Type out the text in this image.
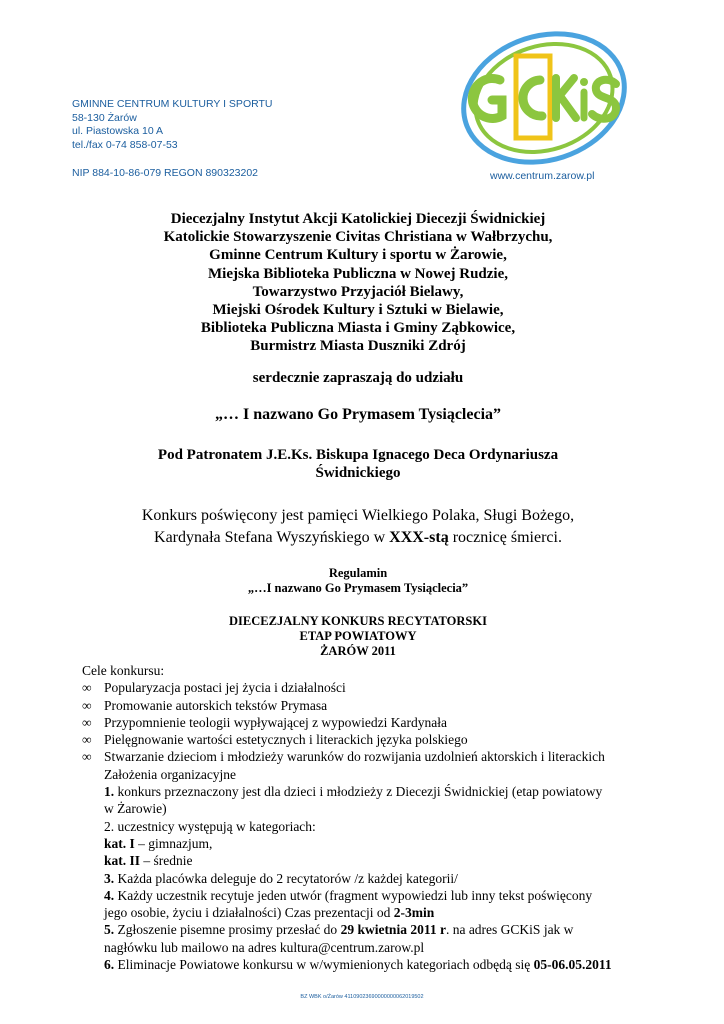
GMINNE CENTRUM KULTURY I SPORTU
58-130 Żarów
ul. Piastowska 10 A
tel./fax 0-74 858-07-53
NIP 884-10-86-079 REGON 890323202	www.centrum.zarow.pl
Diecezjalny Instytut Akcji Katolickiej Diecezji Świdnickiej
Katolickie Stowarzyszenie Civitas Christiana w Wałbrzychu,
Gminne Centrum Kultury i sportu w Żarowie,
Miejska Biblioteka Publiczna w Nowej Rudzie,
Towarzystwo Przyjaciół Bielawy,
Miejski Ośrodek Kultury i Sztuki w Bielawie,
Biblioteka Publiczna Miasta i Gminy Ząbkowice,
Burmistrz Miasta Duszniki Zdrój
serdecznie zapraszają do udziału
„… I nazwano Go Prymasem Tysiąclecia”
Pod Patronatem J.E.Ks. Biskupa Ignacego Deca Ordynariusza
Świdnickiego
Konkurs poświęcony jest pamięci Wielkiego Polaka, Sługi Bożego,
Kardynała Stefana Wyszyńskiego w XXX-stą rocznicę śmierci.
Regulamin
„…I nazwano Go Prymasem Tysiąclecia”
DIECEZJALNY KONKURS RECYTATORSKI
ETAP POWIATOWY
ŻARÓW 2011
Cele konkursu:
∞ Popularyzacja postaci jej życia i działalności
∞ Promowanie autorskich tekstów Prymasa
∞ Przypomnienie teologii wypływającej z wypowiedzi Kardynała
∞ Pielęgnowanie wartości estetycznych i literackich języka polskiego
∞ Stwarzanie dzieciom i młodzieży warunków do rozwijania uzdolnień aktorskich i literackich
Założenia organizacyjne
1. konkurs przeznaczony jest dla dzieci i młodzieży z Diecezji Świdnickiej (etap powiatowy
w Żarowie)
2. uczestnicy występują w kategoriach:
kat. I – gimnazjum,
kat. II – średnie
3. Każda placówka deleguje do 2 recytatorów /z każdej kategorii/
4. Każdy uczestnik recytuje jeden utwór (fragment wypowiedzi lub inny tekst poświęcony
jego osobie, życiu i działalności) Czas prezentacji od 2-3min
5. Zgłoszenie pisemne prosimy przesłać do 29 kwietnia 2011 r. na adres GCKiS jak w
nagłówku lub mailowo na adres kultura@centrum.zarow.pl
6. Eliminacje Powiatowe konkursu w w/wymienionych kategoriach odbędą się 05-06.05.2011
BZ WBK o/Żarów 41109023690000000062019502
